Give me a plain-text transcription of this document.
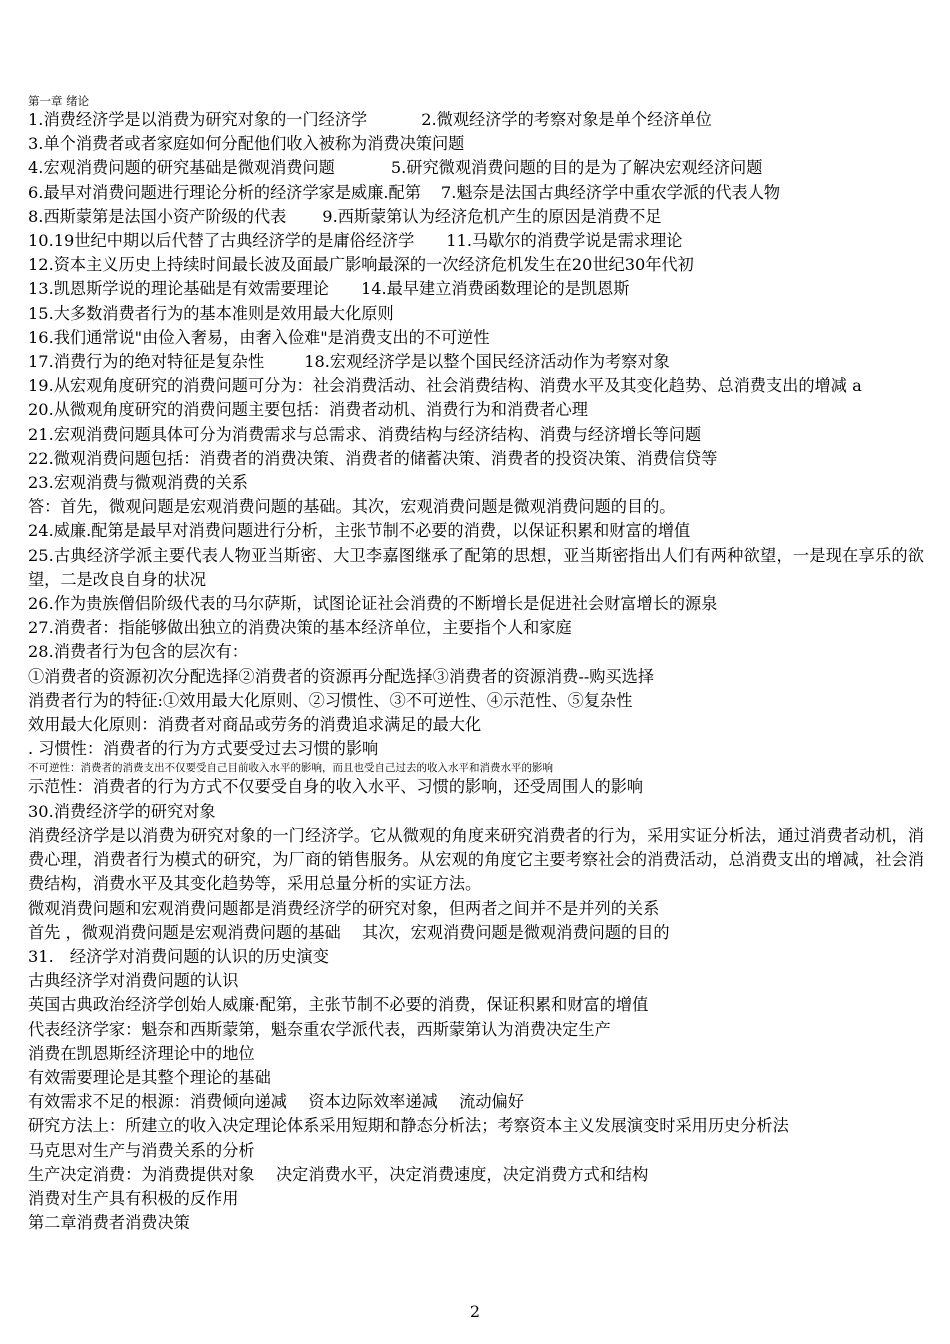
第一章 绪论
1.消费经济学是以消费为研究对象的一门经济学	2.微观经济学的考察对象是单个经济单位
3.单个消费者或者家庭如何分配他们收入被称为消费决策问题
4.宏观消费问题的研究基础是微观消费问题	5.研究微观消费问题的目的是为了解决宏观经济问题
6.最早对消费问题进行理论分析的经济学家是威廉.配第 7.魁奈是法国古典经济学中重农学派的代表人物
8.西斯蒙第是法国小资产阶级的代表 9.西斯蒙第认为经济危机产生的原因是消费不足
10.19世纪中期以后代替了古典经济学的是庸俗经济学 11.马歇尔的消费学说是需求理论
12.资本主义历史上持续时间最长波及面最广影响最深的一次经济危机发生在20世纪30年代初
13.凯恩斯学说的理论基础是有效需要理论 14.最早建立消费函数理论的是凯恩斯
15.大多数消费者行为的基本准则是效用最大化原则
16.我们通常说"由俭入奢易，由奢入俭难"是消费支出的不可逆性
17.消费行为的绝对特征是复杂性 18.宏观经济学是以整个国民经济活动作为考察对象
19.从宏观角度研究的消费问题可分为：社会消费活动、社会消费结构、消费水平及其变化趋势、总消费支出的增减 a
20.从微观角度研究的消费问题主要包括：消费者动机、消费行为和消费者心理
21.宏观消费问题具体可分为消费需求与总需求、消费结构与经济结构、消费与经济增长等问题
22.微观消费问题包括：消费者的消费决策、消费者的储蓄决策、消费者的投资决策、消费信贷等
23.宏观消费与微观消费的关系
答：首先，微观问题是宏观消费问题的基础。其次，宏观消费问题是微观消费问题的目的。
24.威廉.配第是最早对消费问题进行分析，主张节制不必要的消费，以保证积累和财富的增值
25.古典经济学派主要代表人物亚当斯密、大卫李嘉图继承了配第的思想，亚当斯密指出人们有两种欲望，一是现在享乐的欲望，二是改良自身的状况
26.作为贵族僧侣阶级代表的马尔萨斯，试图论证社会消费的不断增长是促进社会财富增长的源泉
27.消费者：指能够做出独立的消费决策的基本经济单位，主要指个人和家庭
28.消费者行为包含的层次有：
①消费者的资源初次分配选择②消费者的资源再分配选择③消费者的资源消费--购买选择
消费者行为的特征:①效用最大化原则、②习惯性、③不可逆性、④示范性、⑤复杂性
效用最大化原则：消费者对商品或劳务的消费追求满足的最大化
. 习惯性：消费者的行为方式要受过去习惯的影响
不可逆性：消费者的消费支出不仅要受自己目前收入水平的影响，而且也受自己过去的收入水平和消费水平的影响
示范性：消费者的行为方式不仅要受自身的收入水平、习惯的影响，还受周围人的影响
30.消费经济学的研究对象
消费经济学是以消费为研究对象的一门经济学。它从微观的角度来研究消费者的行为，采用实证分析法，通过消费者动机，消费心理，消费者行为模式的研究，为厂商的销售服务。从宏观的角度它主要考察社会的消费活动，总消费支出的增减，社会消费结构，消费水平及其变化趋势等，采用总量分析的实证方法。
微观消费问题和宏观消费问题都是消费经济学的研究对象，但两者之间并不是并列的关系
首先 ，微观消费问题是宏观消费问题的基础　 其次，宏观消费问题是微观消费问题的目的
31.　经济学对消费问题的认识的历史演变
古典经济学对消费问题的认识
英国古典政治经济学创始人威廉·配第，主张节制不必要的消费，保证积累和财富的增值
代表经济学家：魁奈和西斯蒙第，魁奈重农学派代表，西斯蒙第认为消费决定生产
消费在凯恩斯经济理论中的地位
有效需要理论是其整个理论的基础
有效需求不足的根源：消费倾向递减　 资本边际效率递减　 流动偏好
研究方法上：所建立的收入决定理论体系采用短期和静态分析法；考察资本主义发展演变时采用历史分析法
马克思对生产与消费关系的分析
生产决定消费：为消费提供对象　 决定消费水平，决定消费速度，决定消费方式和结构
消费对生产具有积极的反作用
第二章消费者消费决策
2
